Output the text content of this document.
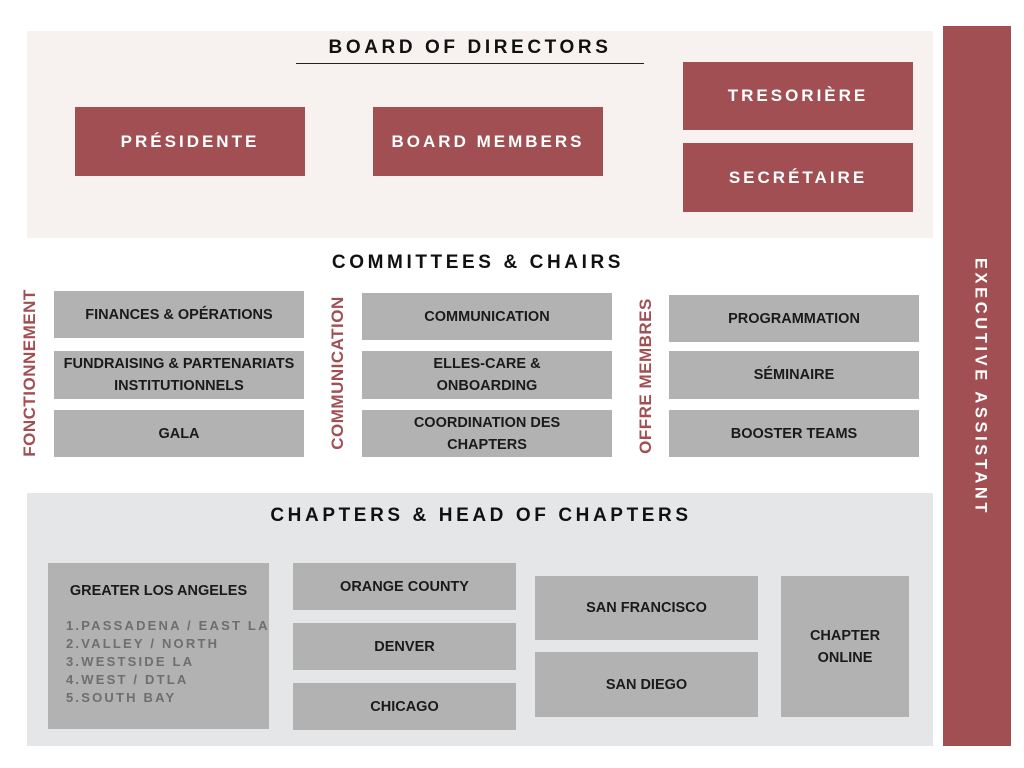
BOARD OF DIRECTORS
PRÉSIDENTE	BOARD MEMBERS
TRESORIÈRE
SECRÉTAIRE
COMMITTEES & CHAIRS
FONCTIONNEMENT	COMMUNICATION	OFFRE MEMBRES
FINANCES & OPÉRATIONS
FUNDRAISING & PARTENARIATS
INSTITUTIONNELS
GALA
COMMUNICATION
ELLES-CARE &
ONBOARDING
COORDINATION DES
CHAPTERS
PROGRAMMATION
SÉMINAIRE
BOOSTER TEAMS
CHAPTERS & HEAD OF CHAPTERS
GREATER LOS ANGELES
1.PASSADENA / EAST LA
2.VALLEY / NORTH
3.WESTSIDE LA
4.WEST / DTLA
5.SOUTH BAY
ORANGE COUNTY
DENVER
CHICAGO
SAN FRANCISCO
SAN DIEGO
CHAPTER
ONLINE
EXECUTIVE ASSISTANT
